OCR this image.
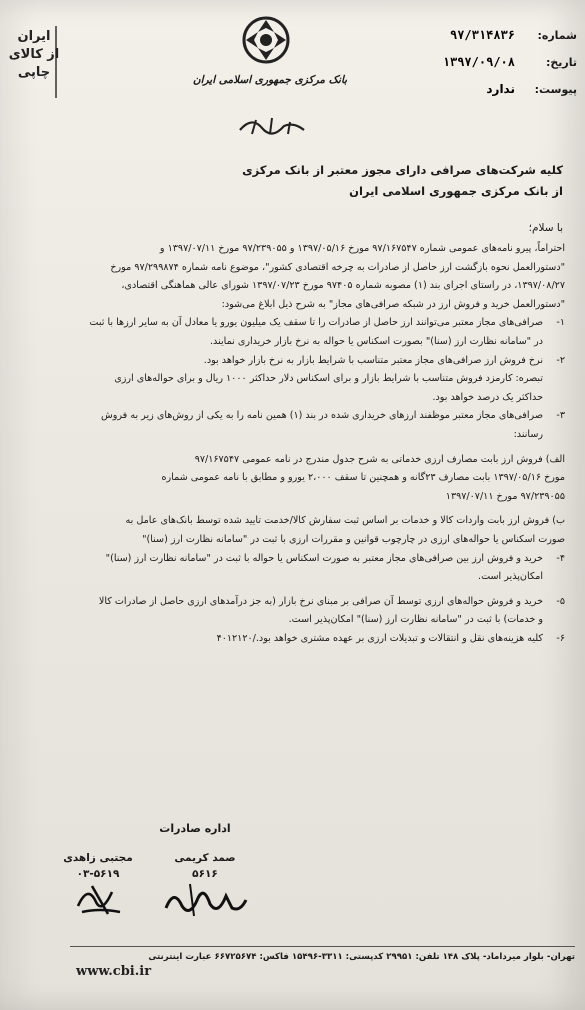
شماره:
تاریخ:
پیوست:
۹۷/۳۱۴۸۳۶
۱۳۹۷/۰۹/۰۸
ندارد
بانک مرکزی جمهوری اسلامی ایران
ایران
از کالای
چاپی
کلیه شرکت‌های صرافی دارای مجوز معتبر از بانک مرکزی
از بانک مرکزی جمهوری اسلامی ایران
با سلام؛

احتراماً، پیرو نامه‌های عمومی شماره ۹۷/۱۶۷۵۴۷ مورخ ۱۳۹۷/۰۵/۱۶ و ۹۷/۲۳۹۰۵۵ مورخ ۱۳۹۷/۰۷/۱۱ و

"دستورالعمل نحوه بازگشت ارز حاصل از صادرات به چرخه اقتصادی کشور"، موضوع نامه شماره ۹۷/۲۹۹۸۷۴ مورخ

۱۳۹۷/۰۸/۲۷، در راستای اجرای بند (۱) مصوبه شماره ۹۷۴۰۵ مورخ ۱۳۹۷/۰۷/۲۳ شورای عالی هماهنگی اقتصادی،

"دستورالعمل خرید و فروش ارز در شبکه صرافی‌های مجاز" به شرح ذیل ابلاغ می‌شود:

۱-

صرافی‌های مجاز معتبر می‌توانند ارز حاصل از صادرات را تا سقف یک میلیون یورو یا معادل آن به سایر ارزها با ثبت

در "سامانه نظارت ارز (سنا)" بصورت اسکناس یا حواله به نرخ بازار خریداری نمایند.

۲-

نرخ فروش ارز صرافی‌های مجاز معتبر متناسب با شرایط بازار به نرخ بازار خواهد بود.

تبصره: کارمزد فروش متناسب با شرایط بازار و برای اسکناس دلار حداکثر ۱۰۰۰ ریال و برای حواله‌های ارزی

حداکثر یک درصد خواهد بود.

۳-

صرافی‌های مجاز معتبر موظفند ارزهای خریداری شده در بند (۱) همین نامه را به یکی از روش‌های زیر به فروش

رسانند:

الف) فروش ارز بابت مصارف ارزی خدماتی به شرح جدول مندرج در نامه عمومی ۹۷/۱۶۷۵۴۷

مورخ ۱۳۹۷/۰۵/۱۶ بابت مصارف ۲۳گانه و همچنین تا سقف ۲،۰۰۰ یورو و مطابق با نامه عمومی شماره

۹۷/۲۳۹۰۵۵ مورخ ۱۳۹۷/۰۷/۱۱

ب) فروش ارز بابت واردات کالا و خدمات بر اساس ثبت سفارش کالا/خدمت تایید شده توسط بانک‌های عامل به

صورت اسکناس یا حواله‌های ارزی در چارچوب قوانین و مقررات ارزی با ثبت در "سامانه نظارت ارز (سنا)"

۴-

خرید و فروش ارز بین صرافی‌های مجاز معتبر به صورت اسکناس یا حواله با ثبت در "سامانه نظارت ارز (سنا)"

امکان‌پذیر است.

۵-

خرید و فروش حواله‌های ارزی توسط آن صرافی بر مبنای نرخ بازار (به جز درآمدهای ارزی حاصل از صادرات کالا

و خدمات) با ثبت در "سامانه نظارت ارز (سنا)" امکان‌پذیر است.

۶-

کلیه هزینه‌های نقل و انتقالات و تبدیلات ارزی بر عهده مشتری خواهد بود./۴۰۱۲۱۲۰

اداره صادرات
صمد کریمی
۵۶۱۶
مجتبی زاهدی
۰۳-۵۶۱۹
تهران- بلوار میرداماد- پلاک ۱۴۸ تلفن: ۲۹۹۵۱ کدپستی: ۳۳۱۱-۱۵۴۹۶ فاکس: ۶۶۷۲۵۶۷۴ عبارت اینترنتی
www.cbi.ir
